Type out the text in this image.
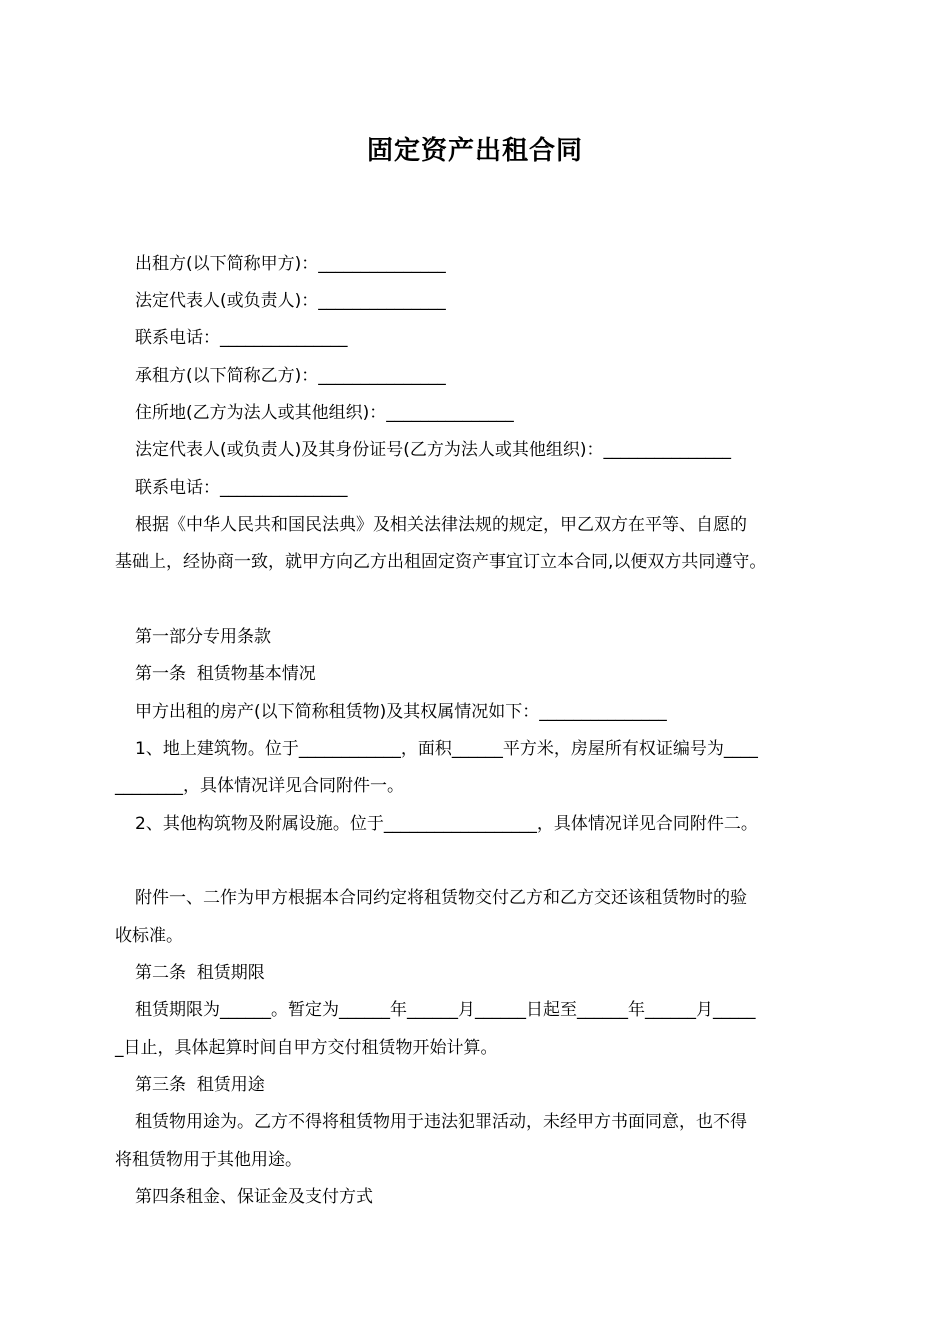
固定资产出租合同

出租方(以下简称甲方)：_______________

法定代表人(或负责人)：_______________

联系电话：_______________

承租方(以下简称乙方)：_______________

住所地(乙方为法人或其他组织)：_______________

法定代表人(或负责人)及其身份证号(乙方为法人或其他组织)：_______________

联系电话：_______________

根据《中华人民共和国民法典》及相关法律法规的规定，甲乙双方在平等、自愿的

基础上，经协商一致，就甲方向乙方出租固定资产事宜订立本合同,以便双方共同遵守。

第一部分专用条款

第一条  租赁物基本情况

甲方出租的房产(以下简称租赁物)及其权属情况如下：_______________

1、地上建筑物。位于____________，面积______平方米，房屋所有权证编号为____

________，具体情况详见合同附件一。

2、其他构筑物及附属设施。位于__________________，具体情况详见合同附件二。

附件一、二作为甲方根据本合同约定将租赁物交付乙方和乙方交还该租赁物时的验

收标准。

第二条  租赁期限

租赁期限为______。暂定为______年______月______日起至______年______月_____

_日止，具体起算时间自甲方交付租赁物开始计算。

第三条  租赁用途

租赁物用途为。乙方不得将租赁物用于违法犯罪活动，未经甲方书面同意，也不得

将租赁物用于其他用途。

第四条租金、保证金及支付方式
